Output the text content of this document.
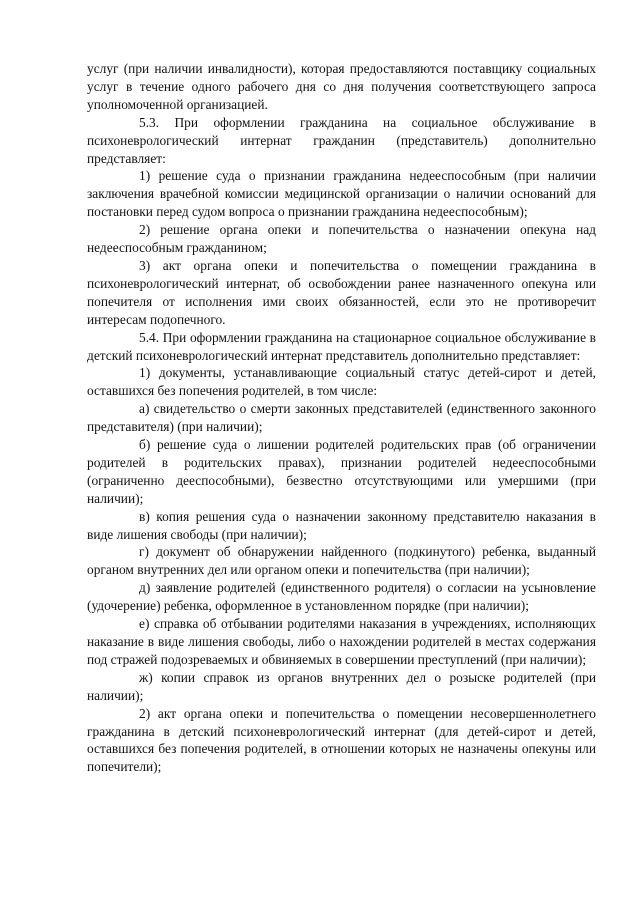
услуг (при наличии инвалидности), которая предоставляются поставщику социальных услуг в течение одного рабочего дня со дня получения соответствующего запроса уполномоченной организацией.

5.3. При оформлении гражданина на социальное обслуживание в психоневрологический интернат гражданин (представитель) дополнительно представляет:

1) решение суда о признании гражданина недееспособным (при наличии заключения врачебной комиссии медицинской организации о наличии оснований для постановки перед судом вопроса о признании гражданина недееспособным);

2) решение органа опеки и попечительства о назначении опекуна над недееспособным гражданином;

3) акт органа опеки и попечительства о помещении гражданина в психоневрологический интернат, об освобождении ранее назначенного опекуна или попечителя от исполнения ими своих обязанностей, если это не противоречит интересам подопечного.

5.4. При оформлении гражданина на стационарное социальное обслуживание в детский психоневрологический интернат представитель дополнительно представляет:

1) документы, устанавливающие социальный статус детей-сирот и детей, оставшихся без попечения родителей, в том числе:

а) свидетельство о смерти законных представителей (единственного законного представителя) (при наличии);

б) решение суда о лишении родителей родительских прав (об ограничении родителей в родительских правах), признании родителей недееспособными (ограниченно дееспособными), безвестно отсутствующими или умершими (при наличии);

в) копия решения суда о назначении законному представителю наказания в виде лишения свободы (при наличии);

г) документ об обнаружении найденного (подкинутого) ребенка, выданный органом внутренних дел или органом опеки и попечительства (при наличии);

д) заявление родителей (единственного родителя) о согласии на усыновление (удочерение) ребенка, оформленное в установленном порядке (при наличии);

е) справка об отбывании родителями наказания в учреждениях, исполняющих наказание в виде лишения свободы, либо о нахождении родителей в местах содержания под стражей подозреваемых и обвиняемых в совершении преступлений (при наличии);

ж) копии справок из органов внутренних дел о розыске родителей (при наличии);

2) акт органа опеки и попечительства о помещении несовершеннолетнего гражданина в детский психоневрологический интернат (для детей-сирот и детей, оставшихся без попечения родителей, в отношении которых не назначены опекуны или попечители);
